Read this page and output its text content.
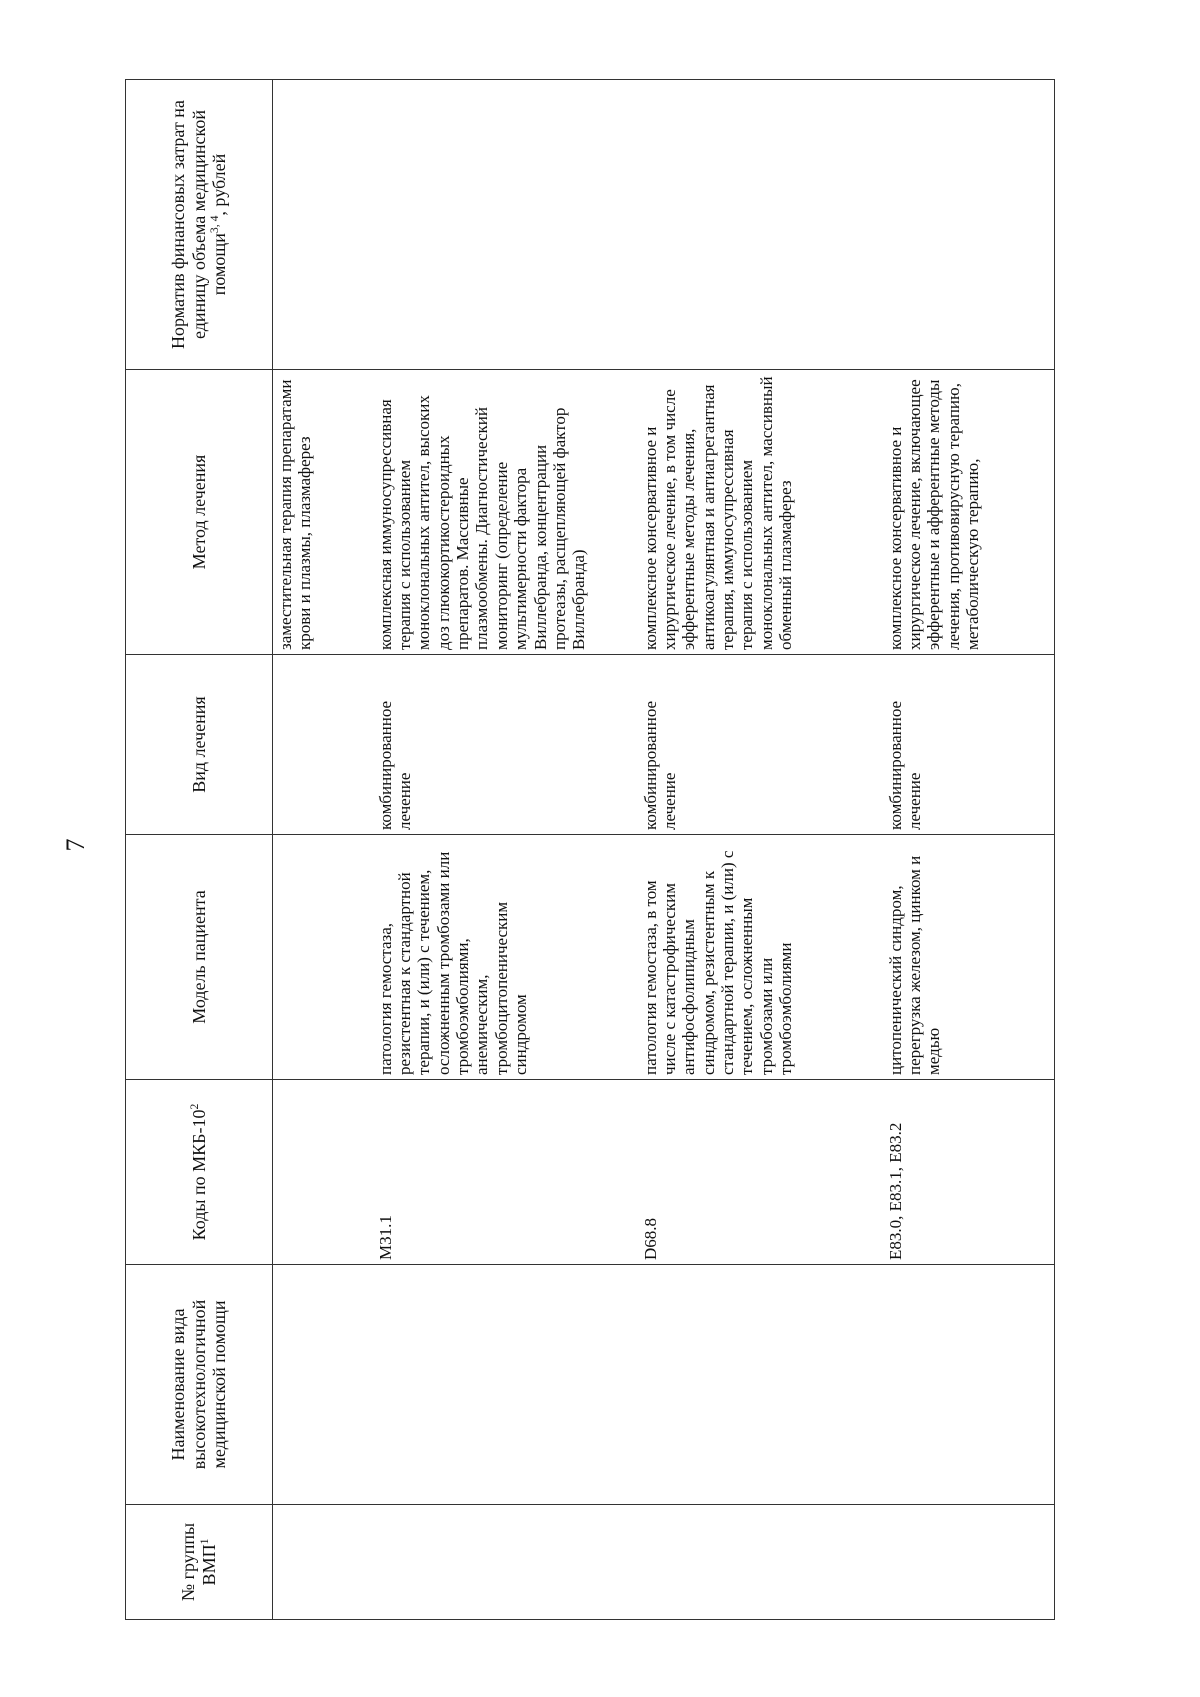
7
№ группы ВМП$^1$	Наименование вида высокотехнологичной медицинской помощи	Коды по МКБ-$10^2$	Модель пациента	Вид лечения	Метод лечения	Норматив финансовых затрат на единицу объема медицинской помощи$^{3, 4}$, рублей
					заместительная терапия препаратами крови и плазмы, плазмаферез	
		M31.1	патология гемостаза, резистентная к стандартной терапии, и (или) с течением, осложненным тромбозами или тромбоэмболиями, анемическим, тромбоцитопеническим синдромом	комбинированное лечение	комплексная иммуносупрессивная терапия с использованием моноклональных антител, высоких доз глюкокортикостероидных препаратов. Массивные плазмообмены. Диагностический мониторинг (определение мультимерности фактора Виллебранда, концентрации протеазы, расщепляющей фактор Виллебранда)	
		D68.8	патология гемостаза, в том числе с катастрофическим антифосфолипидным синдромом, резистентным к стандартной терапии, и (или) с течением, осложненным тромбозами или тромбоэмболиями	комбинированное лечение	комплексное консервативное и хирургическое лечение, в том числе эфферентные методы лечения, антикоагулянтная и антиагрегантная терапия, иммуносупрессивная терапия с использованием моноклональных антител, массивный обменный плазмаферез	
		E83.0, E83.1, E83.2	цитопенический синдром, перегрузка железом, цинком и медью	комбинированное лечение	комплексное консервативное и хирургическое лечение, включающее эфферентные и афферентные методы лечения, противовирусную терапию, метаболическую терапию,	
